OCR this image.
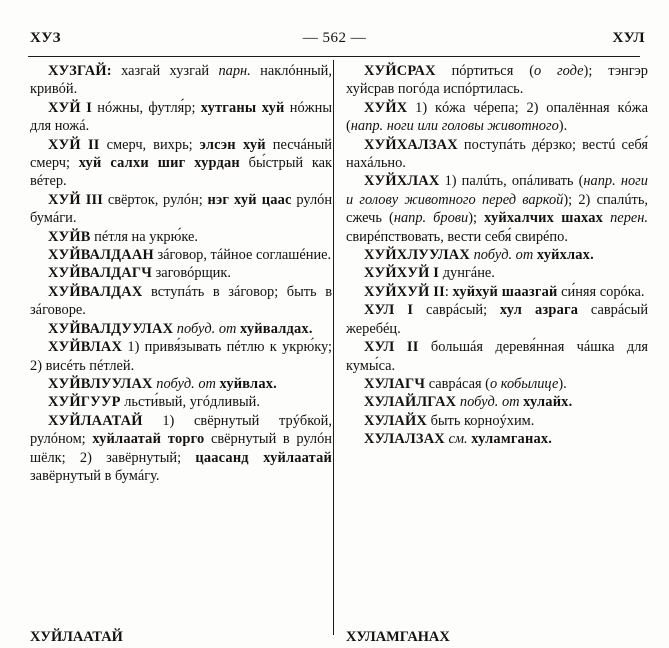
ХУЗ	— 562 —	ХУЛ

ХУЗГАЙ: хазгай хузгай парн. наклóнный, кривóй.

ХУЙ I нóжны, футля́р; хутганы хуй нóжны для ножá.

ХУЙ II смерч, вихрь; элсэн хуй песчáный смерч; хуй салхи шиг хурдан бы́стрый как вéтер.

ХУЙ III свёрток, рулóн; нэг хуй цаас рулóн бумáги.

ХУЙВ пéтля на укрю́ке.

ХУЙВАЛДААН зáговор, тáйное соглашéние.

ХУЙВАЛДАГЧ заговóрщик.

ХУЙВАЛДАХ вступáть в зáговор; быть в зáговоре.

ХУЙВАЛДУУЛАХ побуд. от хуйвалдах.

ХУЙВЛАХ 1) привя́зывать пéтлю к укрю́ку; 2) висéть пéтлей.

ХУЙВЛУУЛАХ побуд. от хуйвлах.

ХУЙГУУР льсти́вый, угóдливый.

ХУЙЛААТАЙ 1) свёрнутый трýбкой, рулóном; хуйлаатай торго свёрнутый в рулóн шёлк; 2) завёрнутый; цаасанд хуйлаатай завёрнутый в бумáгу.

ХУЙЛААТАЙ

ХУЙСРАХ пóртиться (о годе); тэнгэр хуйсрав погóда испóртилась.

ХУЙХ 1) кóжа чéрепа; 2) опалённая кóжа (напр. ноги или головы животного).

ХУЙХАЛЗАХ поступáть дéрзко; вестú себя́ нахáльно.

ХУЙХЛАХ 1) палúть, опáливать (напр. ноги и голову животного перед варкой); 2) спалúть, сжечь (напр. брови); хуйхалчих шахах перен. свирéпствовать, вести себя́ свирéпо.

ХУЙХЛУУЛАХ побуд. от хуйхлах.

ХУЙХУЙ I дунгáне.

ХУЙХУЙ II: хуйхуй шаазгай си́няя сорóка.

ХУЛ I саврáсый; хул азрага саврáсый жеребéц.

ХУЛ II большáя деревя́нная чáшка для кумы́са.

ХУЛАГЧ саврáсая (о кобылице).

ХУЛАЙЛГАХ побуд. от хулайх.

ХУЛАЙХ быть корноýхим.

ХУЛАЛЗАХ см. хуламганах.

ХУЛАМГАНАХ
